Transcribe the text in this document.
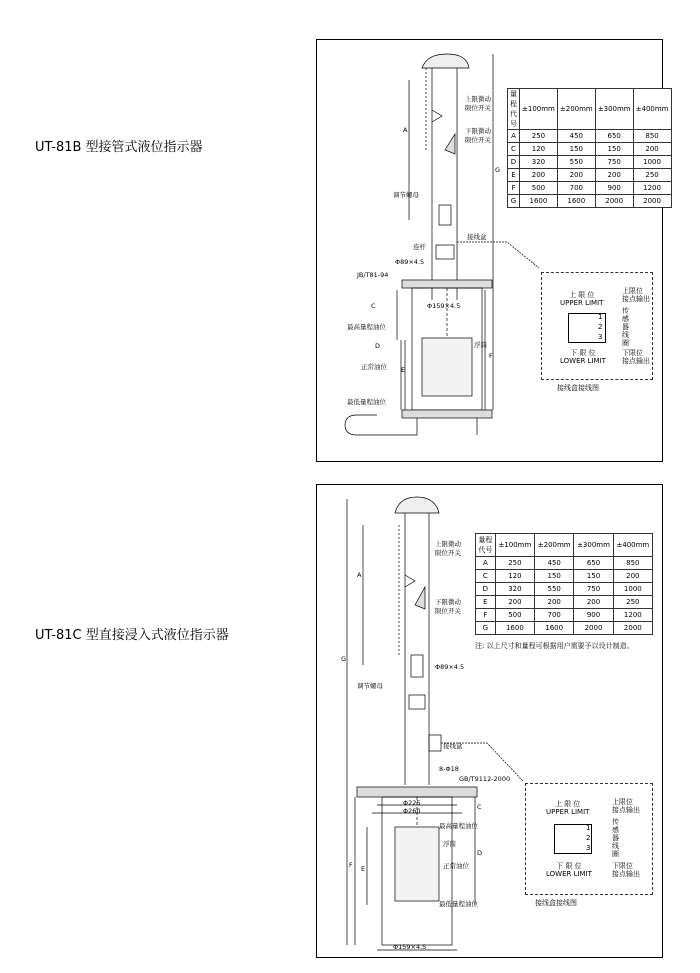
UT-81B 型接管式液位指示器
量程
代号	±100mm	±200mm	±300mm	±400mm
A	250	450	650	850
C	120	150	150	200
D	320	550	750	1000
E	200	200	200	250
F	500	700	900	1200
G	1600	1600	2000	2000
上限微动
限位开关
下限微动
限位开关
调节螺母
连杆
接线盒
Φ89×4.5
JB/T81-94
Φ159×4.5
最高量程油位
浮筒
正常油位
最低量程油位
A
C
D
E
F
G
上 限 位
UPPER LIMIT
上限位
接点输出
1
2
3
传
感
器
线
圈
下 限 位
LOWER LIMIT
下限位
接点输出
接线盒接线图
UT-81C 型直接浸入式液位指示器
量程
代号	±100mm	±200mm	±300mm	±400mm
A	250	450	650	850
C	120	150	150	200
D	320	550	750	1000
E	200	200	200	250
F	500	700	900	1200
G	1600	1600	2000	2000
注: 以上尺寸和量程可根据用户需要予以设计制造。
上限微动
限位开关
下限微动
限位开关
调节螺母
Φ89×4.5
接线盒
8-Φ18
GB/T9112-2000
Φ225
Φ260
最高量程油位
浮筒
正常油位
最低量程油位
Φ159×4.5
A
C
D
E
F
G
上 限 位
UPPER LIMIT
上限位
接点输出
1
2
3
传
感
器
线
圈
下 限 位
LOWER LIMIT
下限位
接点输出
接线盒接线图
